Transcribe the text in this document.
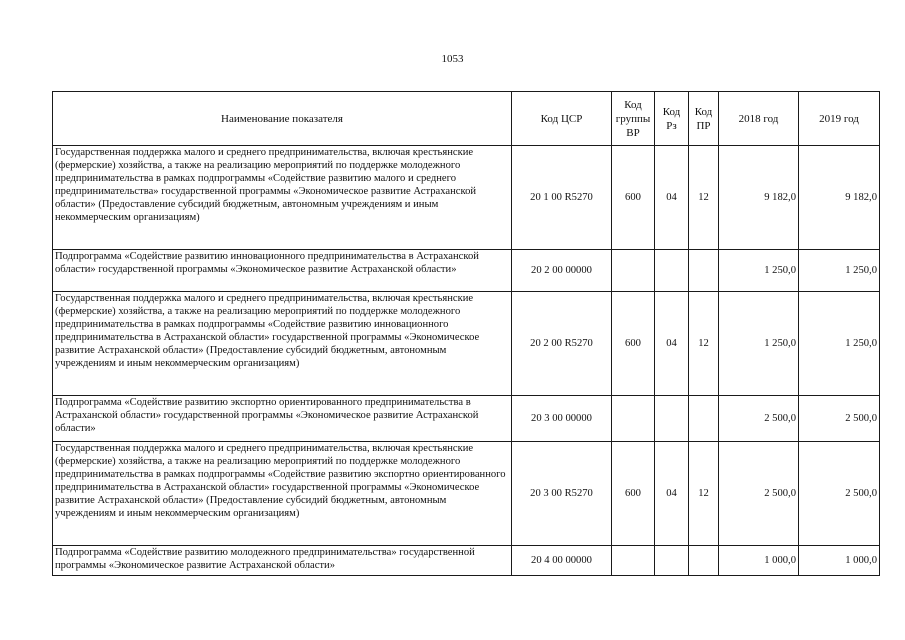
1053
Наименование показателя	Код ЦСР	Код группы ВР	Код Рз	Код ПР	2018 год	2019 год
Государственная поддержка малого и среднего предпринимательства, включая крестьянские (фермерские) хозяйства, а также на реализацию мероприятий по поддержке молодежного предпринимательства в рамках подпрограммы «Содействие развитию малого и среднего предпринимательства» государственной программы «Экономическое развитие Астраханской области» (Предоставление субсидий бюджетным, автономным учреждениям и иным некоммерческим организациям)	20 1 00 R5270	600	04	12	9 182,0	9 182,0
Подпрограмма «Содействие развитию инновационного предпринимательства в Астраханской области» государственной программы «Экономическое развитие Астраханской области»	20 2 00 00000				1 250,0	1 250,0
Государственная поддержка малого и среднего предпринимательства, включая крестьянские (фермерские) хозяйства, а также на реализацию мероприятий по поддержке молодежного предпринимательства в рамках подпрограммы «Содействие развитию инновационного предпринимательства в Астраханской области» государственной программы «Экономическое развитие Астраханской области» (Предоставление субсидий бюджетным, автономным учреждениям и иным некоммерческим организациям)	20 2 00 R5270	600	04	12	1 250,0	1 250,0
Подпрограмма «Содействие развитию экспортно ориентированного предпринимательства в Астраханской области» государственной программы «Экономическое развитие Астраханской области»	20 3 00 00000				2 500,0	2 500,0
Государственная поддержка малого и среднего предпринимательства, включая крестьянские (фермерские) хозяйства, а также на реализацию мероприятий по поддержке молодежного предпринимательства в рамках подпрограммы «Содействие развитию экспортно ориентированного предпринимательства в Астраханской области» государственной программы «Экономическое развитие Астраханской области» (Предоставление субсидий бюджетным, автономным учреждениям и иным некоммерческим организациям)	20 3 00 R5270	600	04	12	2 500,0	2 500,0
Подпрограмма «Содействие развитию молодежного предпринимательства» государственной программы «Экономическое развитие Астраханской области»	20 4 00 00000				1 000,0	1 000,0
